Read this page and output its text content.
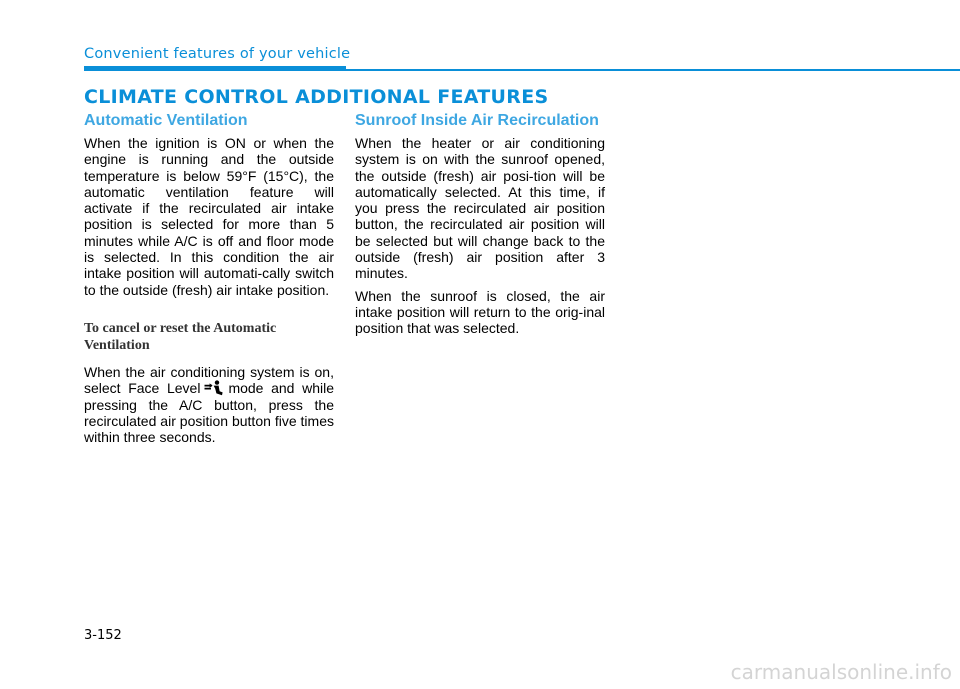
Convenient features of your vehicle
CLIMATE CONTROL ADDITIONAL FEATURES
Automatic Ventilation

When the ignition is ON or when the engine is running and the outside temperature is below 59°F (15°C), the automatic ventilation feature will activate if the recirculated air intake position is selected for more than 5 minutes while A/C is off and floor mode is selected. In this condition the air intake position will automati-cally switch to the outside (fresh) air intake position.

To cancel or reset the Automatic Ventilation

When the air conditioning system is on, select Face Level mode and while pressing the A/C button, press the recirculated air position button five times within three seconds.

Sunroof Inside Air Recirculation

When the heater or air conditioning system is on with the sunroof opened, the outside (fresh) air posi-tion will be automatically selected. At this time, if you press the recirculated air position button, the recirculated air position will be selected but will change back to the outside (fresh) air position after 3 minutes.

When the sunroof is closed, the air intake position will return to the orig-inal position that was selected.

3-152
carmanualsonline.info
